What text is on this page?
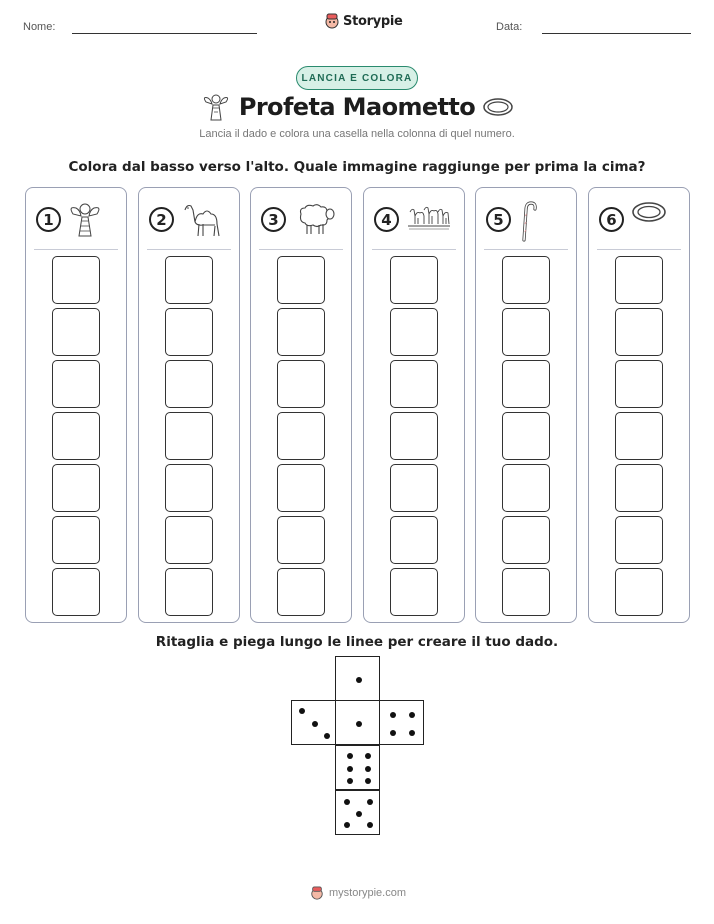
Nome:	Storypie	Data:
LANCIA E COLORA
Profeta Maometto
Lancia il dado e colora una casella nella colonna di quel numero.
Colora dal basso verso l'alto. Quale immagine raggiunge per prima la cima?
1	2	3	4	5	6
Ritaglia e piega lungo le linee per creare il tuo dado.
mystorypie.com
